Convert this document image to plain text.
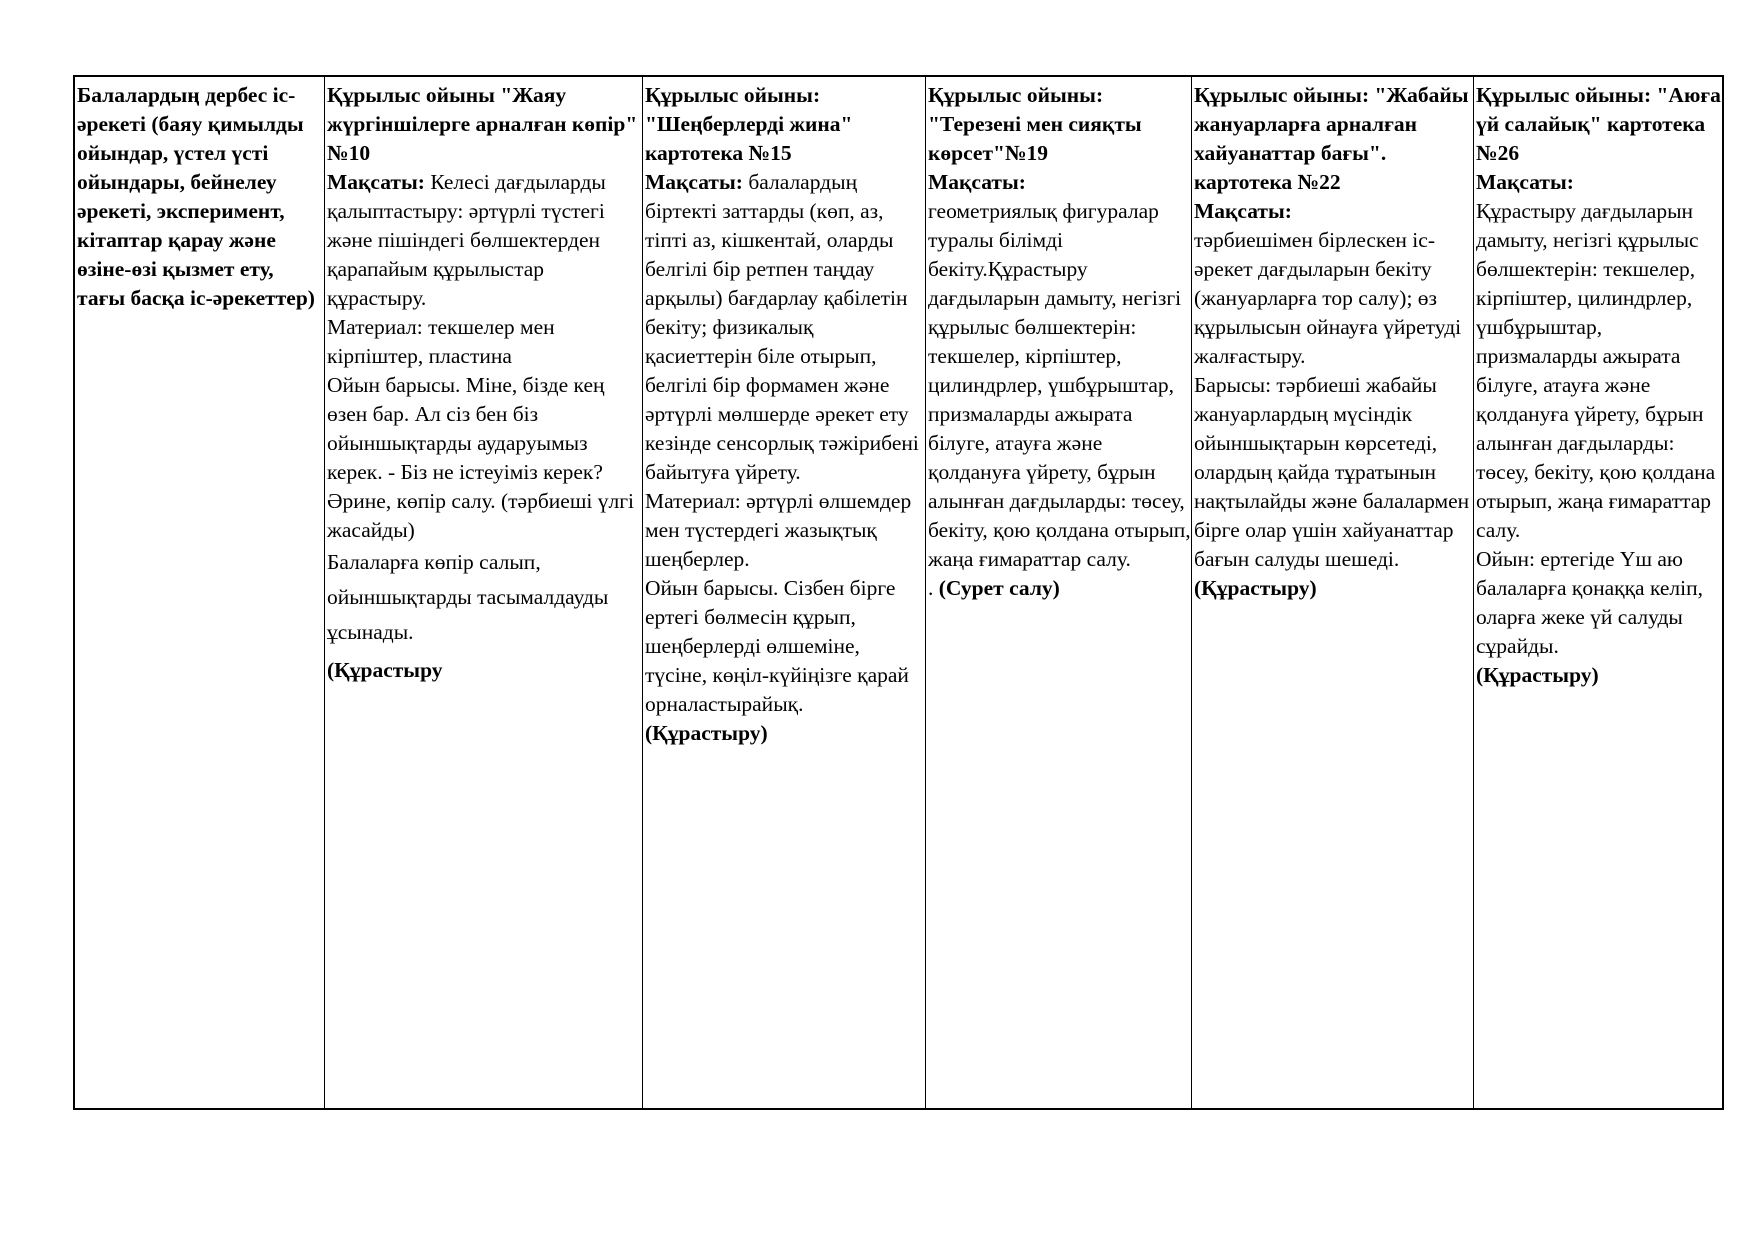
Балалардың дербес іс-әрекеті (баяу қимылды ойындар, үстел үсті ойындары, бейнелеу әрекеті, эксперимент, кітаптар қарау және өзіне-өзі қызмет ету, тағы басқа іс-әрекеттер)

Құрылыс ойыны "Жаяу жүргіншілерге арналған көпір" №10

Мақсаты: Келесі дағдыларды қалыптастыру: әртүрлі түстегі және пішіндегі бөлшектерден қарапайым құрылыстар құрастыру.

Материал: текшелер мен кірпіштер, пластина

Ойын барысы. Міне, бізде кең өзен бар. Ал сіз бен біз ойыншықтарды аударуымыз керек. - Біз не істеуіміз керек? Әрине, көпір салу. (тәрбиеші үлгі жасайды)

Балаларға көпір салып, ойыншықтарды тасымалдауды ұсынады.

(Құрастыру

Құрылыс ойыны: "Шеңберлерді жина" картотека №15

Мақсаты: балалардың біртекті заттарды (көп, аз, тіпті аз, кішкентай, оларды белгілі бір ретпен таңдау арқылы) бағдарлау қабілетін бекіту; физикалық қасиеттерін біле отырып, белгілі бір формамен және әртүрлі мөлшерде әрекет ету кезінде сенсорлық тәжірибені байытуға үйрету.

Материал: әртүрлі өлшемдер мен түстердегі жазықтық шеңберлер.

Ойын барысы. Сізбен бірге ертегі бөлмесін құрып, шеңберлерді өлшеміне, түсіне, көңіл-күйіңізге қарай орналастырайық.

(Құрастыру)

Құрылыс ойыны: "Терезені мен сияқты көрсет"№19

Мақсаты:

геометриялық фигуралар туралы білімді бекіту.Құрастыру дағдыларын дамыту, негізгі құрылыс бөлшектерін: текшелер, кірпіштер, цилиндрлер, үшбұрыштар, призмаларды ажырата білуге, атауға және қолдануға үйрету, бұрын алынған дағдыларды: төсеу, бекіту, қою қолдана отырып, жаңа ғимараттар салу.

. (Сурет салу)

Құрылыс ойыны: "Жабайы жануарларға арналған хайуанаттар бағы". картотека №22

Мақсаты:

тәрбиешімен бірлескен іс-әрекет дағдыларын бекіту (жануарларға тор салу); өз құрылысын ойнауға үйретуді жалғастыру.

Барысы: тәрбиеші жабайы жануарлардың мүсіндік ойыншықтарын көрсетеді, олардың қайда тұратынын нақтылайды және балалармен бірге олар үшін хайуанаттар бағын салуды шешеді.

(Құрастыру)

Құрылыс ойыны: "Аюға үй салайық" картотека №26

Мақсаты:

Құрастыру дағдыларын дамыту, негізгі құрылыс бөлшектерін: текшелер, кірпіштер, цилиндрлер, үшбұрыштар, призмаларды ажырата білуге, атауға және қолдануға үйрету, бұрын алынған дағдыларды: төсеу, бекіту, қою қолдана отырып, жаңа ғимараттар салу.

Ойын: ертегіде Үш аю балаларға қонаққа келіп, оларға жеке үй салуды сұрайды.

(Құрастыру)
